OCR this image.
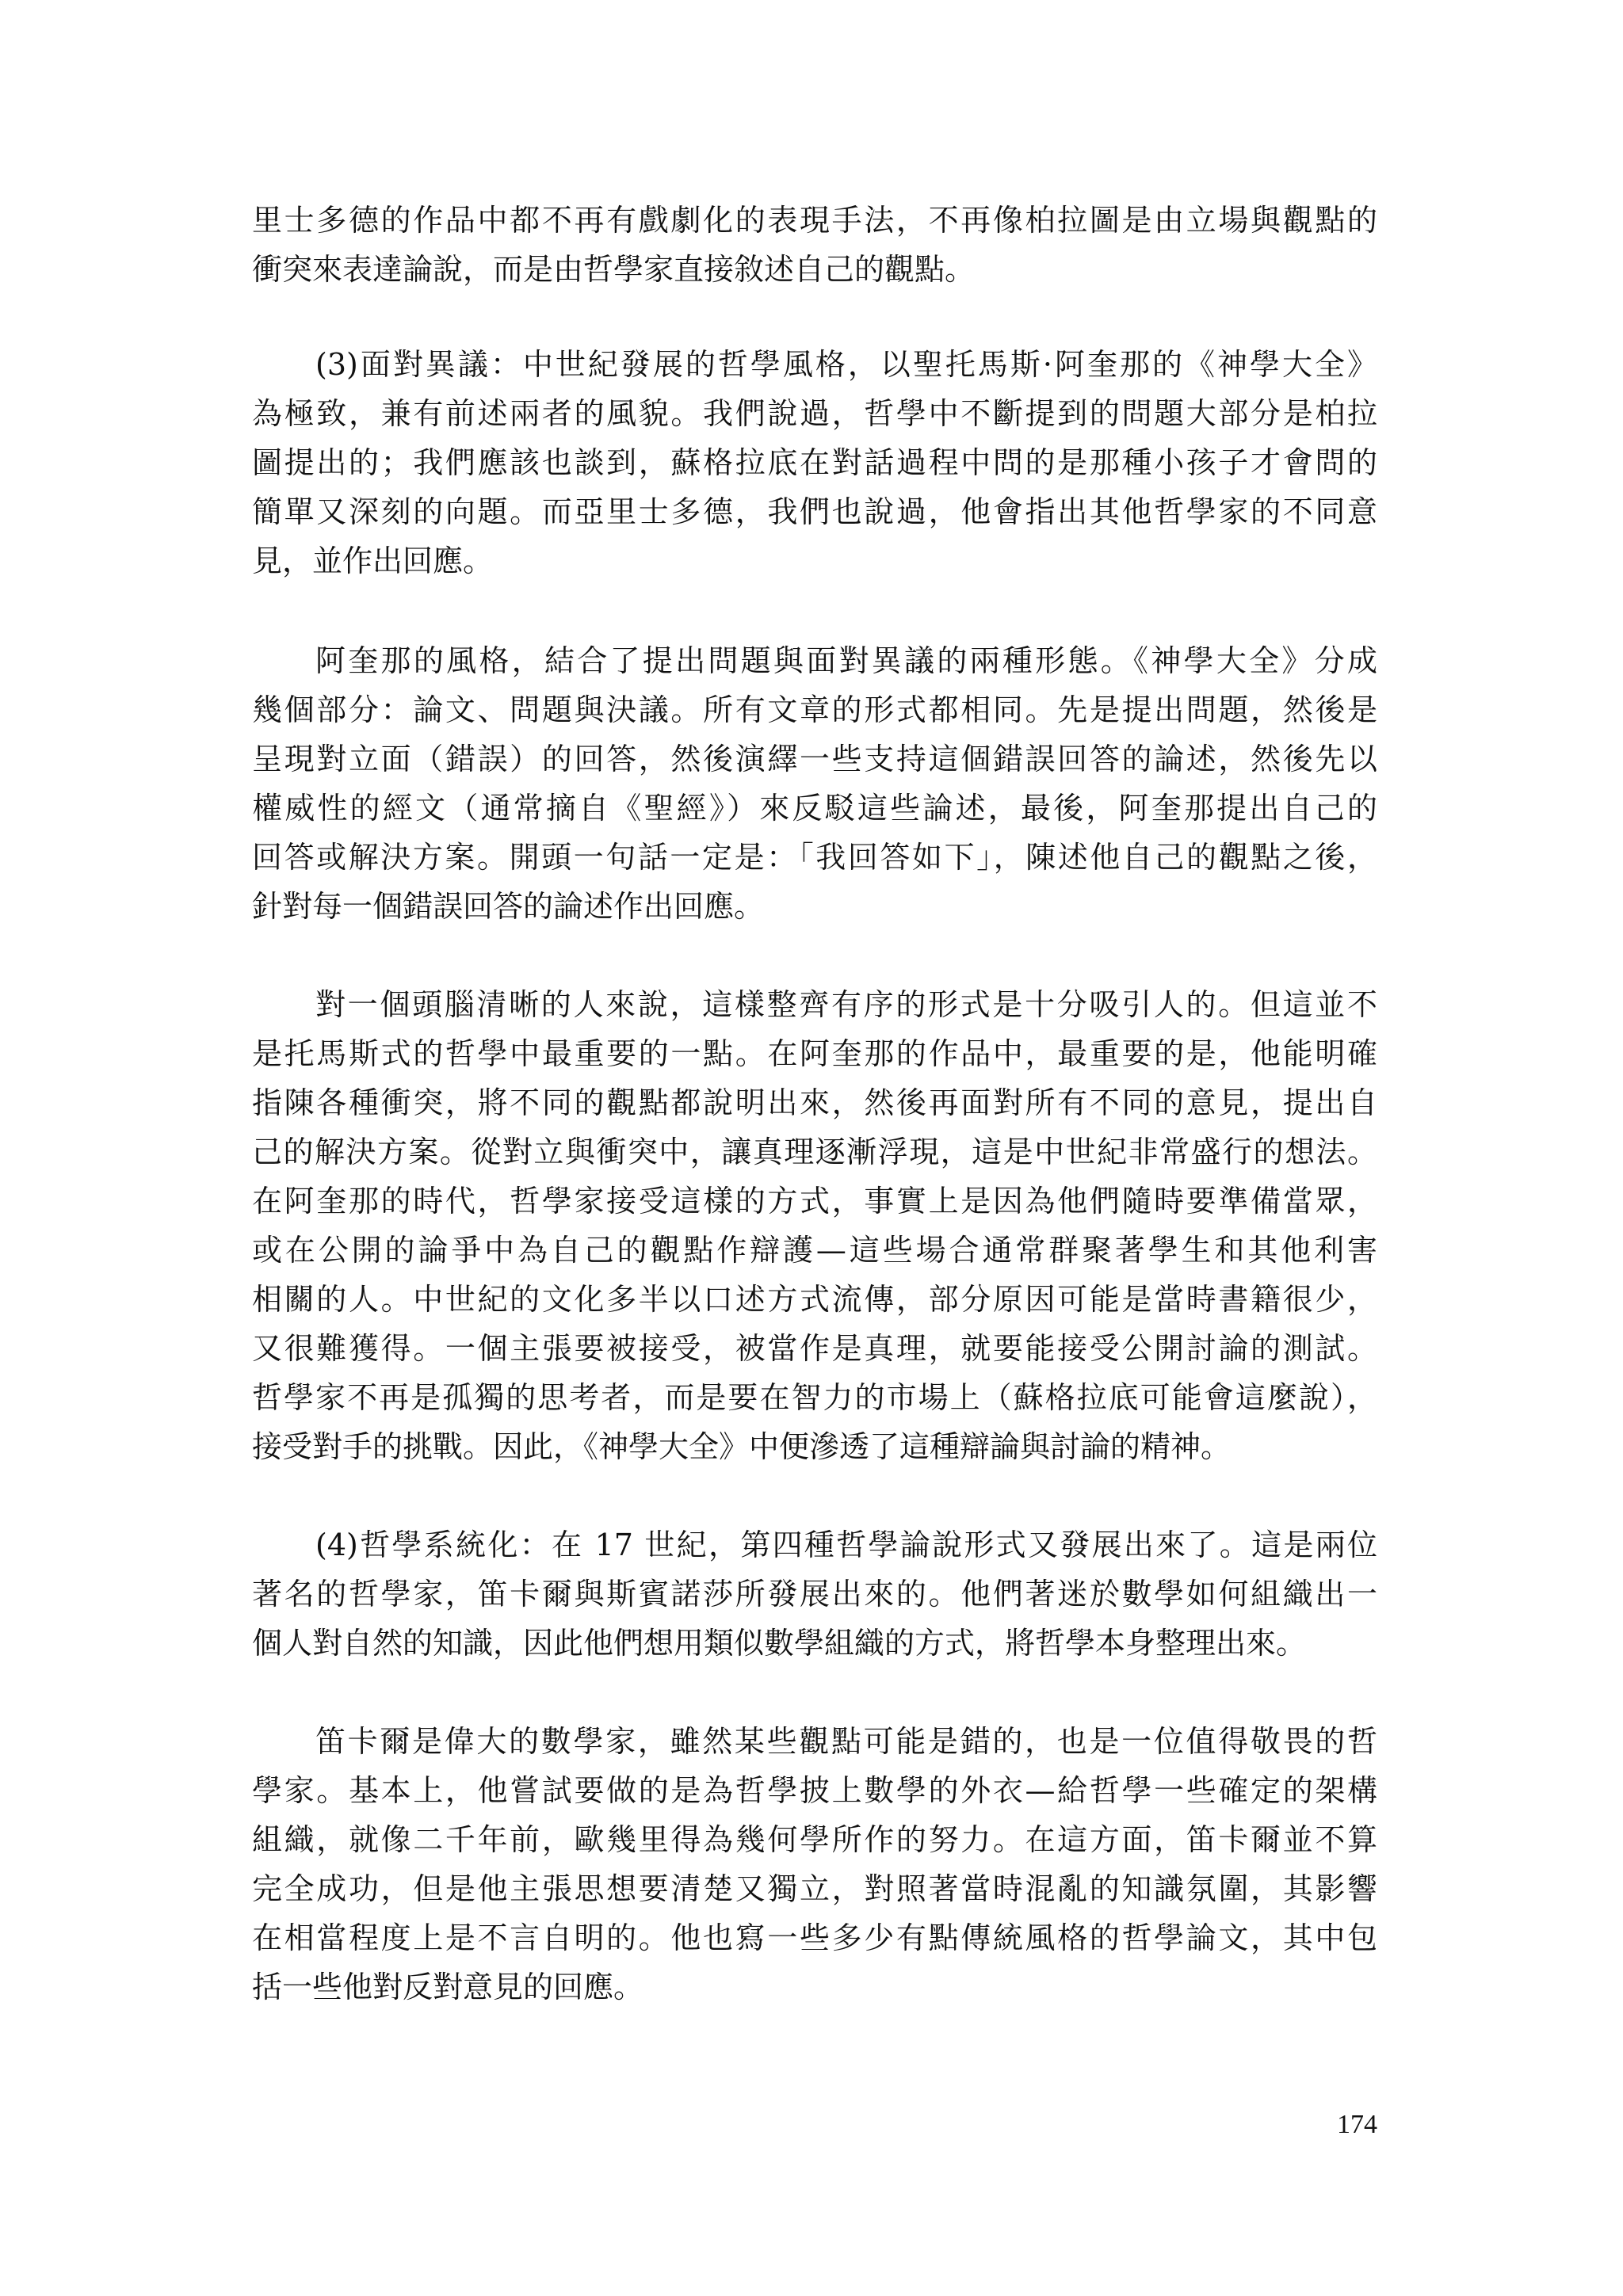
里士多德的作品中都不再有戲劇化的表現手法，不再像柏拉圖是由立場與觀點的
衝突來表達論說，而是由哲學家直接敘述自己的觀點。
(3)面對異議：中世紀發展的哲學風格，以聖托馬斯·阿奎那的《神學大全》
為極致，兼有前述兩者的風貌。我們說過，哲學中不斷提到的問題大部分是柏拉
圖提出的；我們應該也談到，蘇格拉底在對話過程中問的是那種小孩子才會問的
簡單又深刻的向題。而亞里士多德，我們也說過，他會指出其他哲學家的不同意
見，並作出回應。
阿奎那的風格，結合了提出問題與面對異議的兩種形態。《神學大全》分成
幾個部分：論文、問題與決議。所有文章的形式都相同。先是提出問題，然後是
呈現對立面（錯誤）的回答，然後演繹一些支持這個錯誤回答的論述，然後先以
權威性的經文（通常摘自《聖經》）來反駁這些論述，最後，阿奎那提出自己的
回答或解決方案。開頭一句話一定是：「我回答如下」，陳述他自己的觀點之後，
針對每一個錯誤回答的論述作出回應。
對一個頭腦清晰的人來說，這樣整齊有序的形式是十分吸引人的。但這並不
是托馬斯式的哲學中最重要的一點。在阿奎那的作品中，最重要的是，他能明確
指陳各種衝突，將不同的觀點都說明出來，然後再面對所有不同的意見，提出自
己的解決方案。從對立與衝突中，讓真理逐漸浮現，這是中世紀非常盛行的想法。
在阿奎那的時代，哲學家接受這樣的方式，事實上是因為他們隨時要準備當眾，
或在公開的論爭中為自己的觀點作辯護—這些場合通常群聚著學生和其他利害
相關的人。中世紀的文化多半以口述方式流傳，部分原因可能是當時書籍很少，
又很難獲得。一個主張要被接受，被當作是真理，就要能接受公開討論的測試。
哲學家不再是孤獨的思考者，而是要在智力的市場上（蘇格拉底可能會這麼說），
接受對手的挑戰。因此，《神學大全》中便滲透了這種辯論與討論的精神。
(4)哲學系統化：在 17 世紀，第四種哲學論說形式又發展出來了。這是兩位
著名的哲學家，笛卡爾與斯賓諾莎所發展出來的。他們著迷於數學如何組織出一
個人對自然的知識，因此他們想用類似數學組織的方式，將哲學本身整理出來。
笛卡爾是偉大的數學家，雖然某些觀點可能是錯的，也是一位值得敬畏的哲
學家。基本上，他嘗試要做的是為哲學披上數學的外衣—給哲學一些確定的架構
組織，就像二千年前，歐幾里得為幾何學所作的努力。在這方面，笛卡爾並不算
完全成功，但是他主張思想要清楚又獨立，對照著當時混亂的知識氛圍，其影響
在相當程度上是不言自明的。他也寫一些多少有點傳統風格的哲學論文，其中包
括一些他對反對意見的回應。
174
